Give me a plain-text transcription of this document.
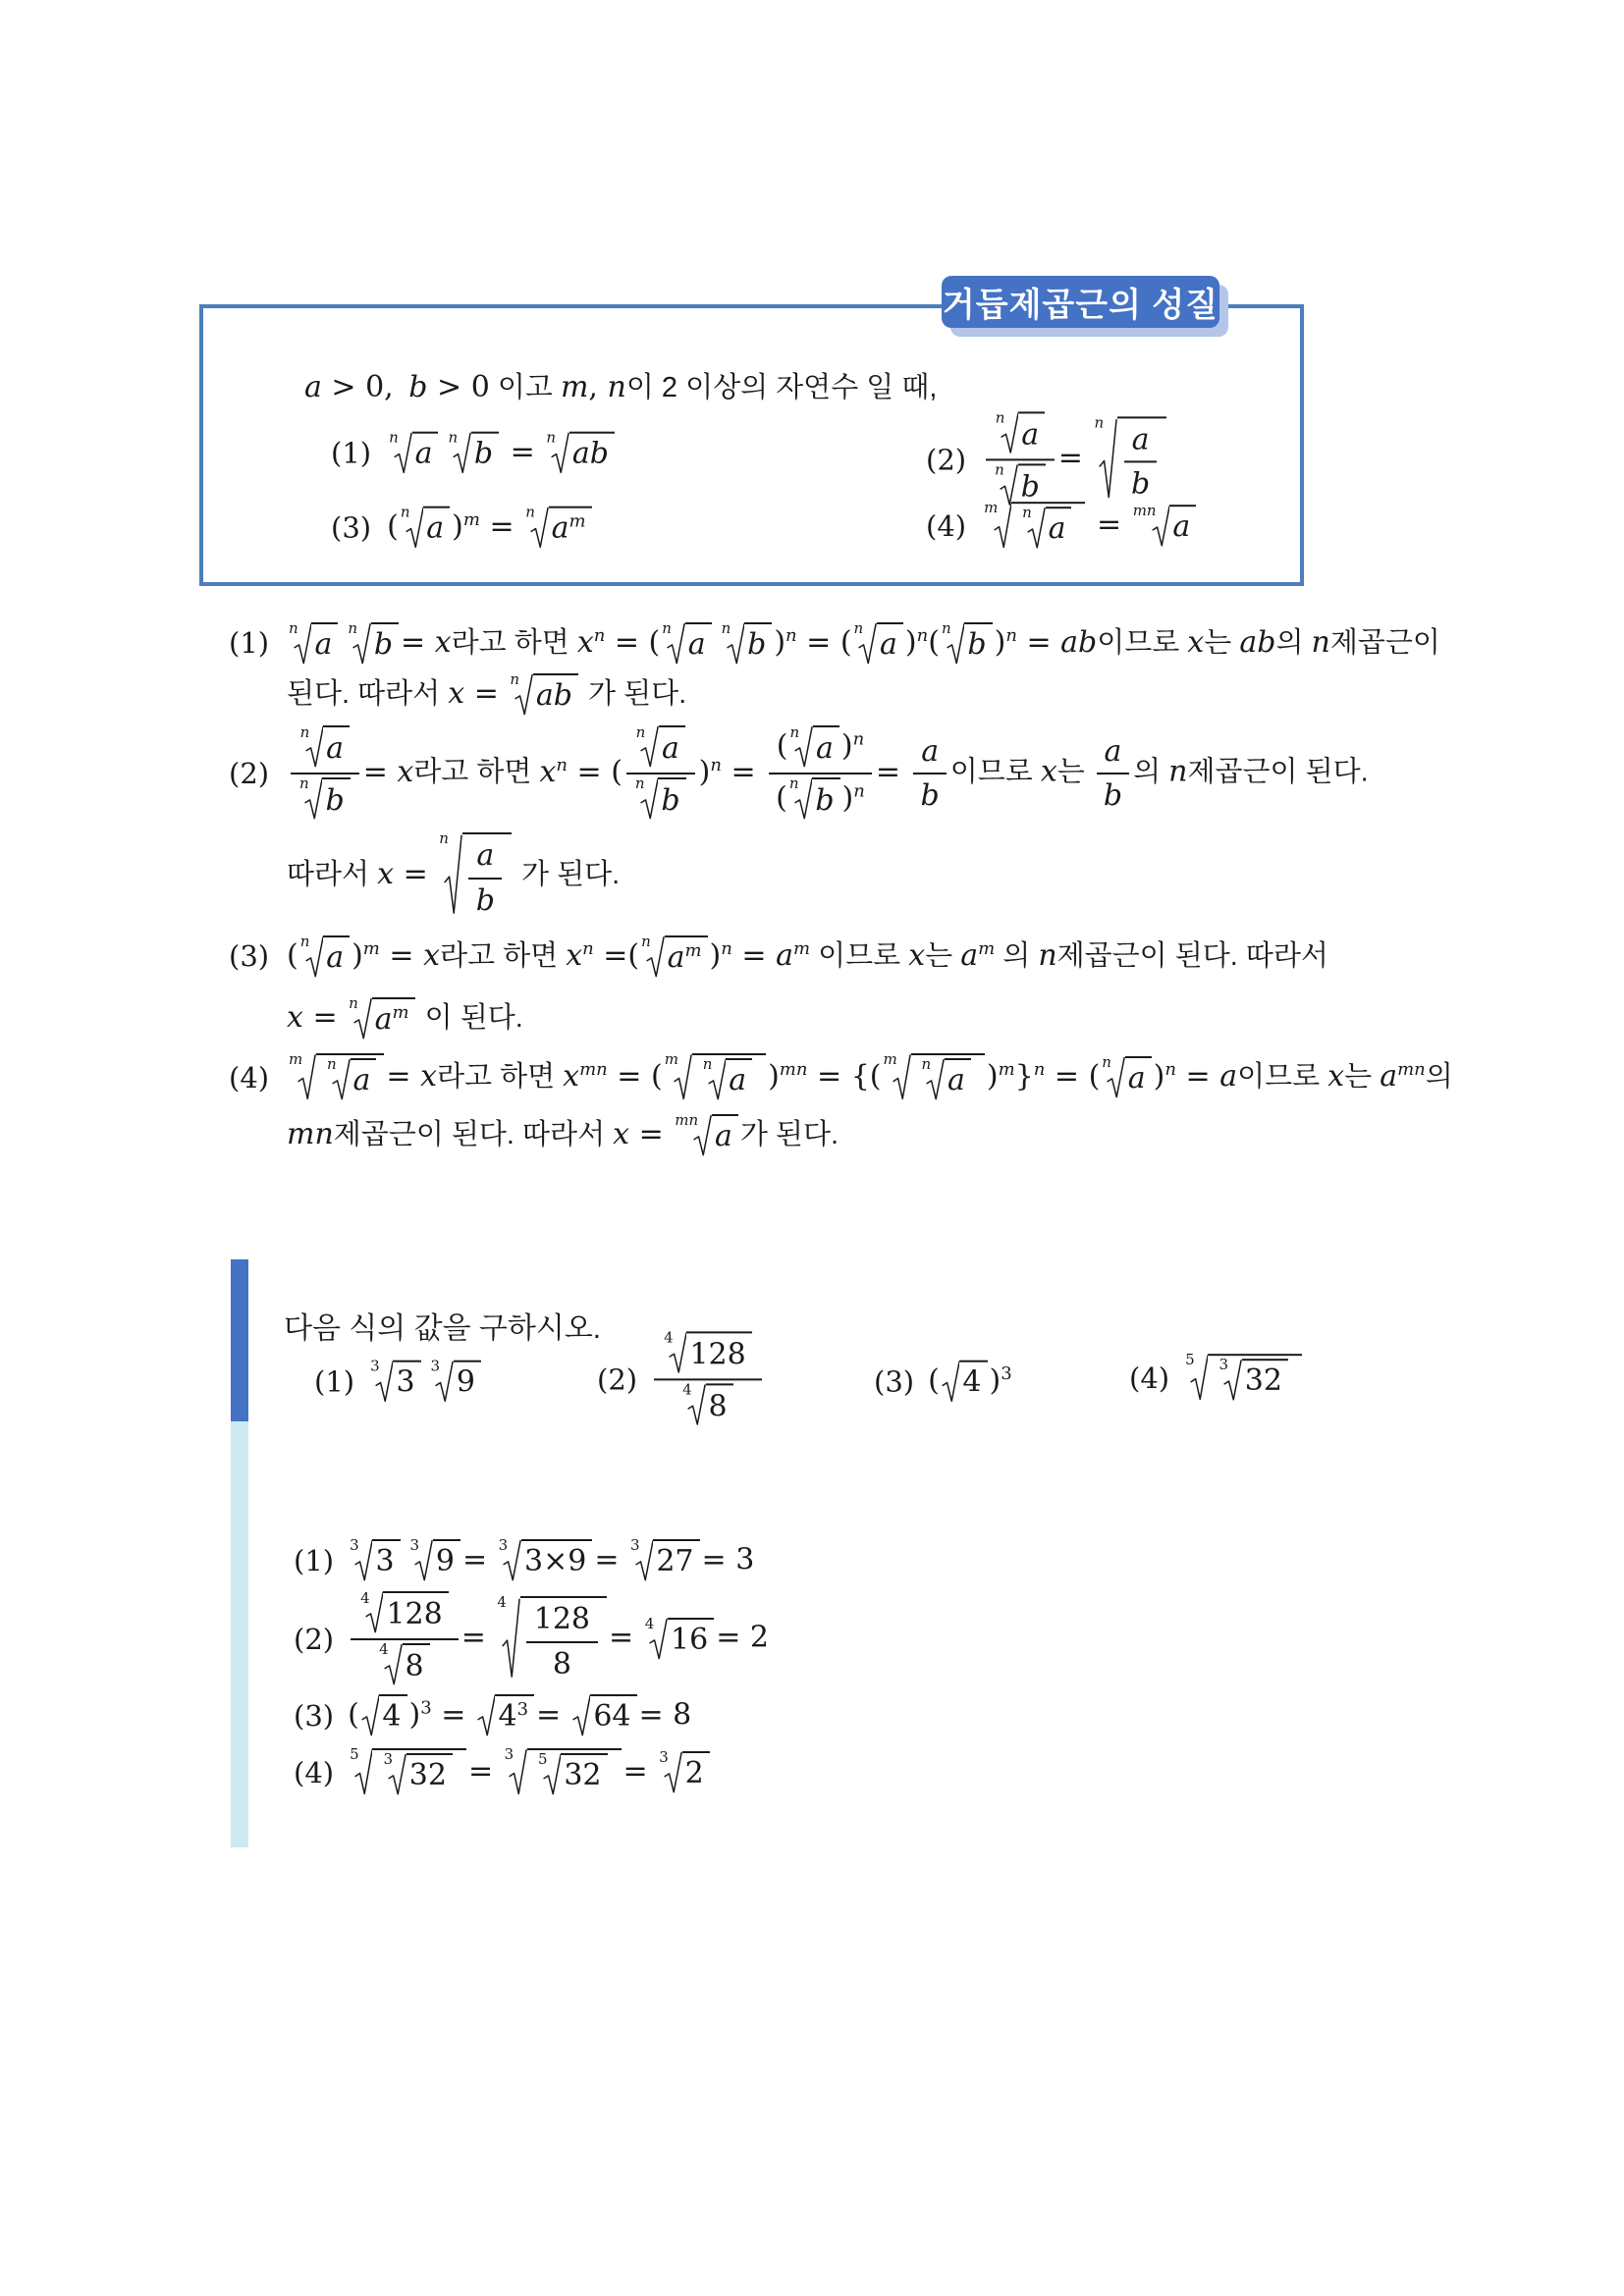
a > 0,  b > 0 이고 m, n이 2 이상의 자연수 일 때,
(1) n a
 	n b = n ab	$(2) \frac{\text{n a}}{\text{n b}}$ =
n $\frac{a}{b}$
(3) ( n a )$^m$ = n $a^m$	(4)
m
  n a
  = mn a
거듭제곱근의 성질
(1)	n a
 	n b = x라고 하면 $x^n$ = ( n a
 	n b )$^n$ = ( n a )$^n$( n b )$^n$ = ab이므로 x는 ab의 n제곱근이
된다. 따라서 x = n ab 가 된다.
(2)	$\frac{\text{n a}}{\text{n b}} = x$라고 하면 $x^n$ = ( $\frac{\text{n a}}{\text{n b}} )^n = \frac{( n a )^n}{( n b )^n} = \frac{a}{b}$ 이므로 x는 $\frac{a}{b}$ 의 n제곱근이 된다.
따라서 x =
n $\frac{a}{b}$ 가 된다.
(3) ( n a )$^m$ = x라고 하면 $x^n$ =( n $a^m$ )$^n = a^m$ 이므로 x는 $a^m$ 의 n제곱근이 된다. 따라서
x = n $a^m$ 이 된다.
(4)
m
  n a = x라고 하면 $x^{mn}$ = ( m
  n a
  )$^{mn}$ = {( m
  n a
  )$^m$}$^n$ = ( n a )$^n$ = a이므로 x는 $a^{mn}$의
mn제곱근이 된다. 따라서 x = mn a 가 된다.
다음 식의 값을 구하시오.
(1) 3 3
 	3 9	$(2) \frac{4 128}{4 8}$	(3) ( 4 )$^3$	(4)
5
  3 32

(1) 3 3
 	3 9 = 3 3×9 = 3 27 = 3
$(2) \frac{4 128}{4 8}$ =
$4 \frac{128}{8} = 4$ 16 = 2
(3) ( 4 )$^3 = 4^3 = 64 = 8$
(4)
5
  3 32
  = 3
  5 32
  = 3 2
